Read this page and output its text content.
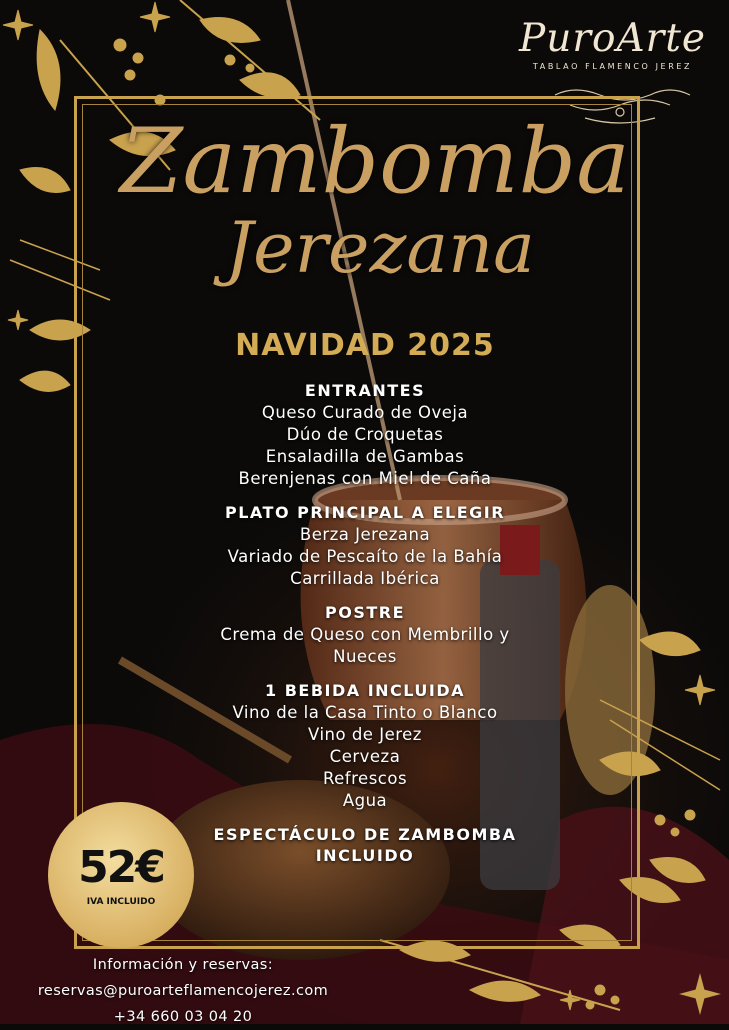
PuroArte
TABLAO FLAMENCO JEREZ
Zambomba
Jerezana
NAVIDAD 2025
ENTRANTES
Queso Curado de Oveja
Dúo de Croquetas
Ensaladilla de Gambas
Berenjenas con Miel de Caña
PLATO PRINCIPAL A ELEGIR
Berza Jerezana
Variado de Pescaíto de la Bahía
Carrillada Ibérica
POSTRE
Crema de Queso con Membrillo y
Nueces
1 BEBIDA INCLUIDA
Vino de la Casa Tinto o Blanco
Vino de Jerez
Cerveza
Refrescos
Agua
ESPECTÁCULO DE ZAMBOMBA
INCLUIDO
52€
IVA INCLUIDO
Información y reservas:
reservas@puroarteflamencojerez.com
+34 660 03 04 20
